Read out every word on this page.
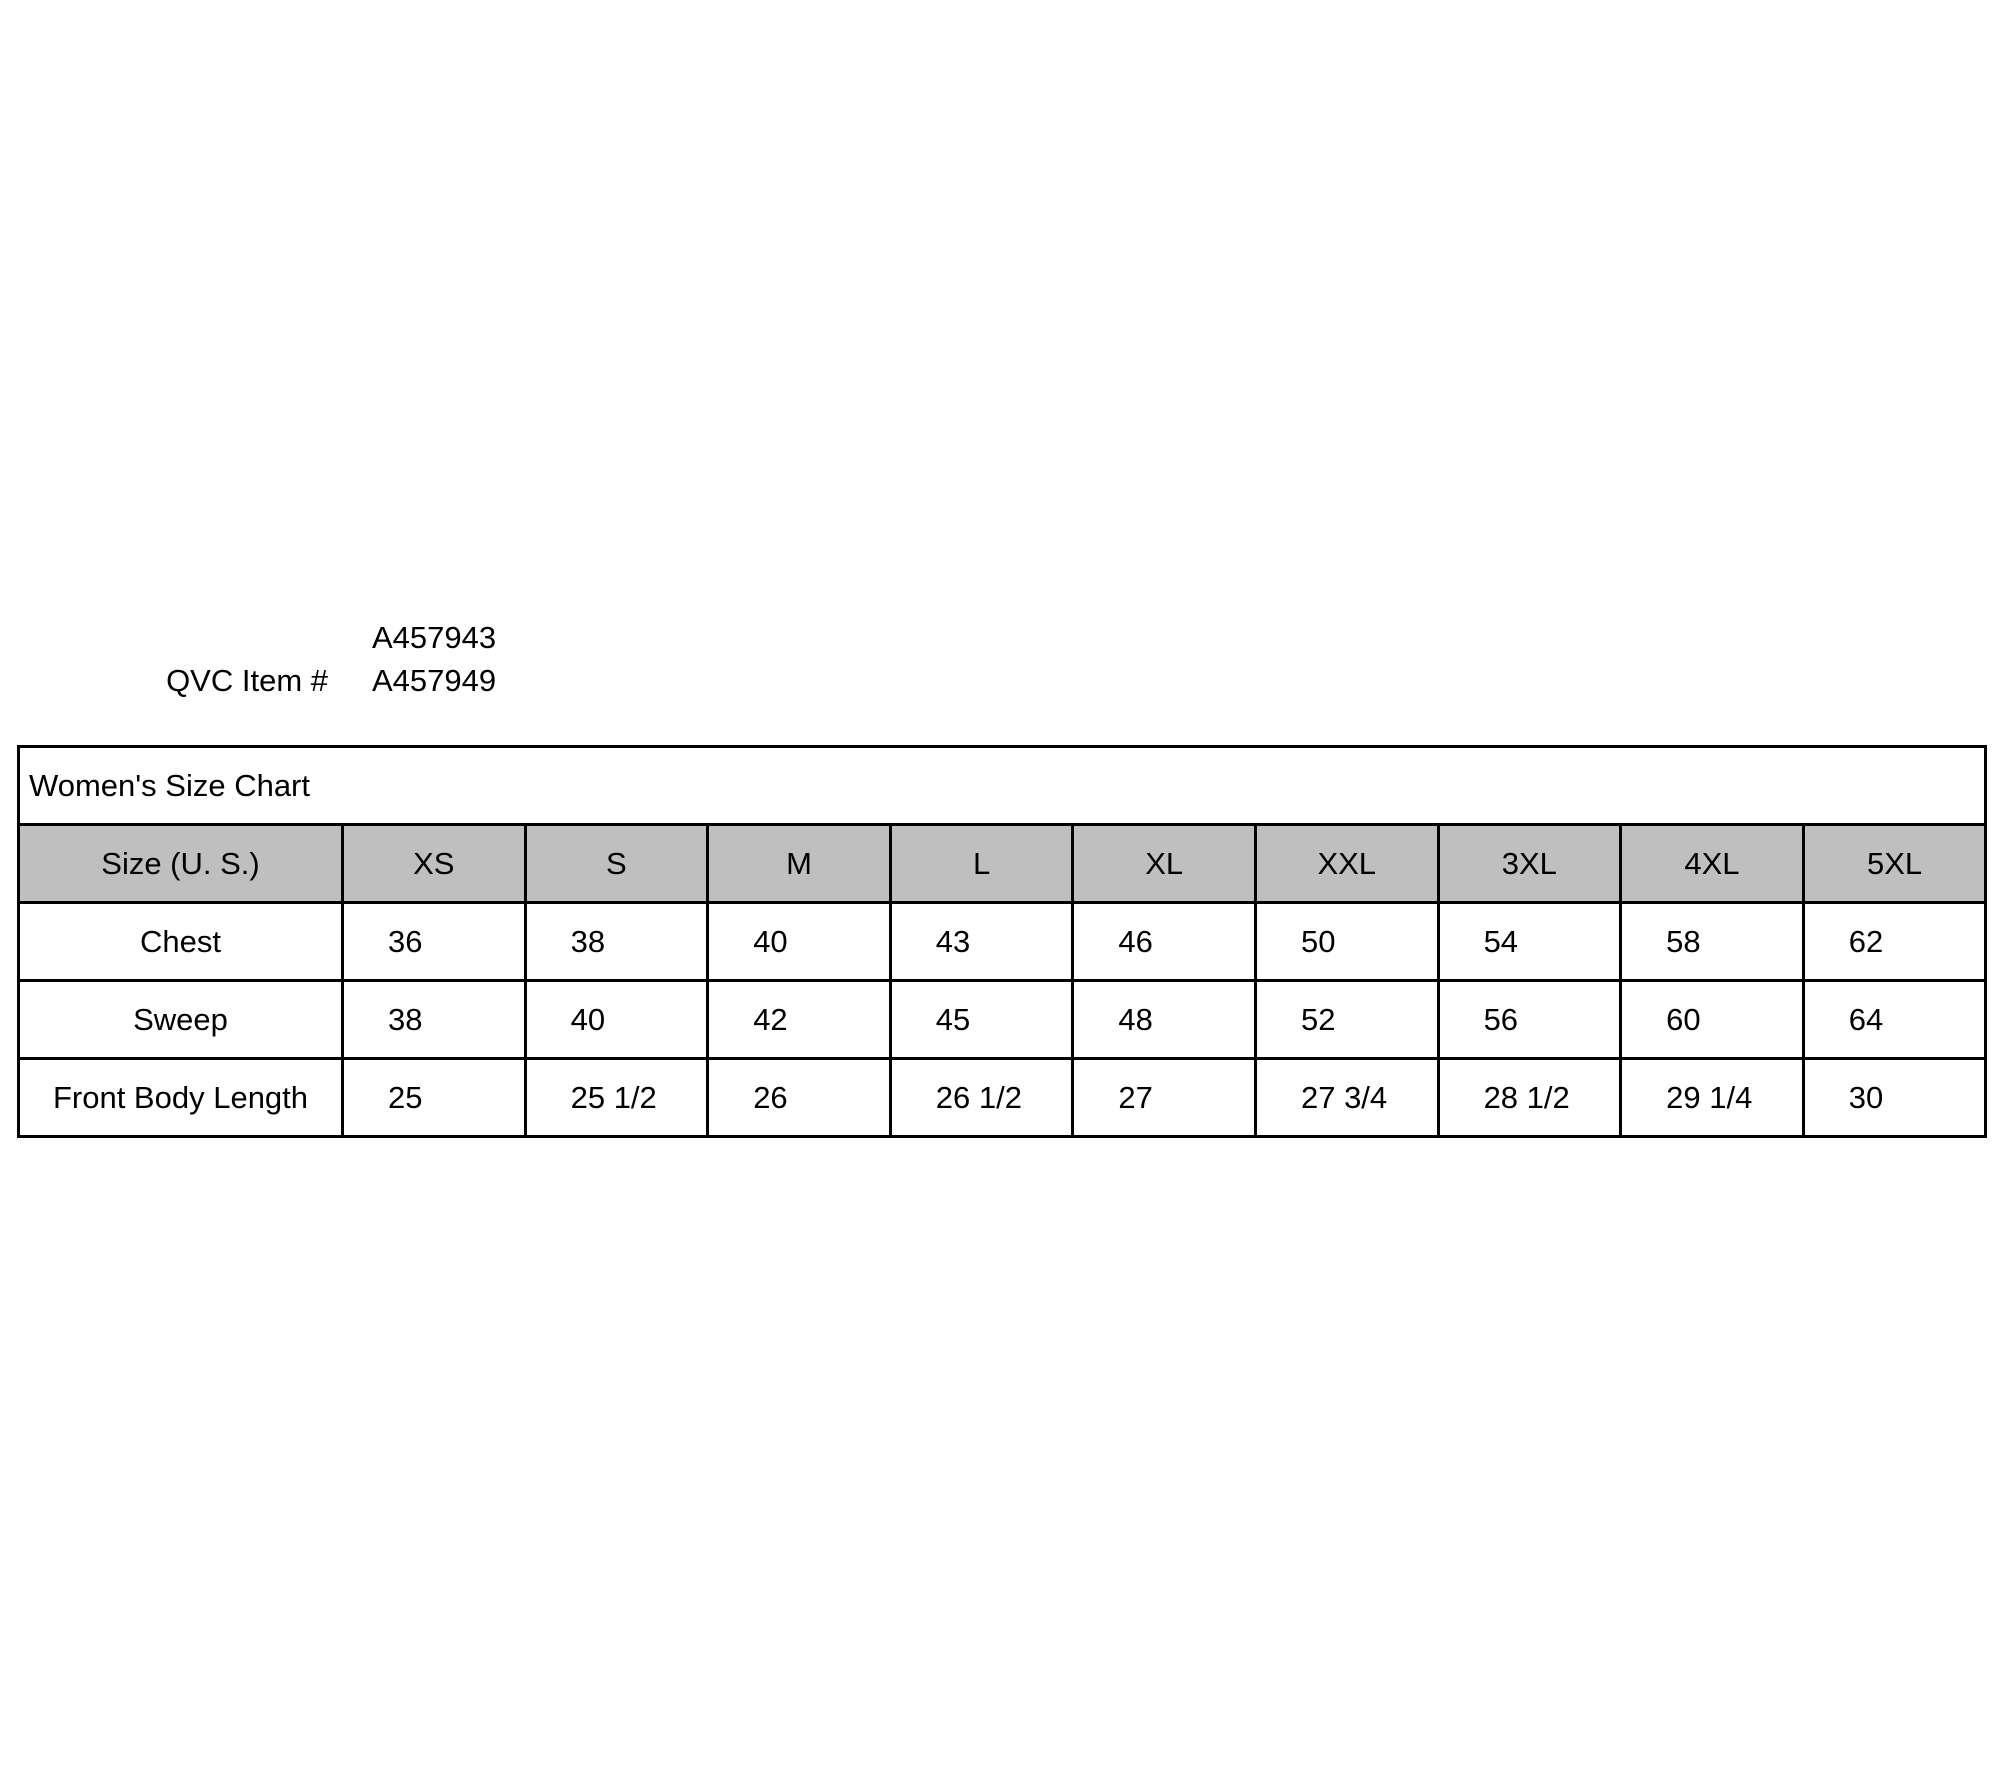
A457943
QVC Item # A457949
Women's Size Chart									
Size (U. S.)	XS	S	M	L	XL	XXL	3XL	4XL	5XL
Chest	36	38	40	43	46	50	54	58	62
Sweep	38	40	42	45	48	52	56	60	64
Front Body Length	25	25 1/2	26	26 1/2	27	27 3/4	28 1/2	29 1/4	30
